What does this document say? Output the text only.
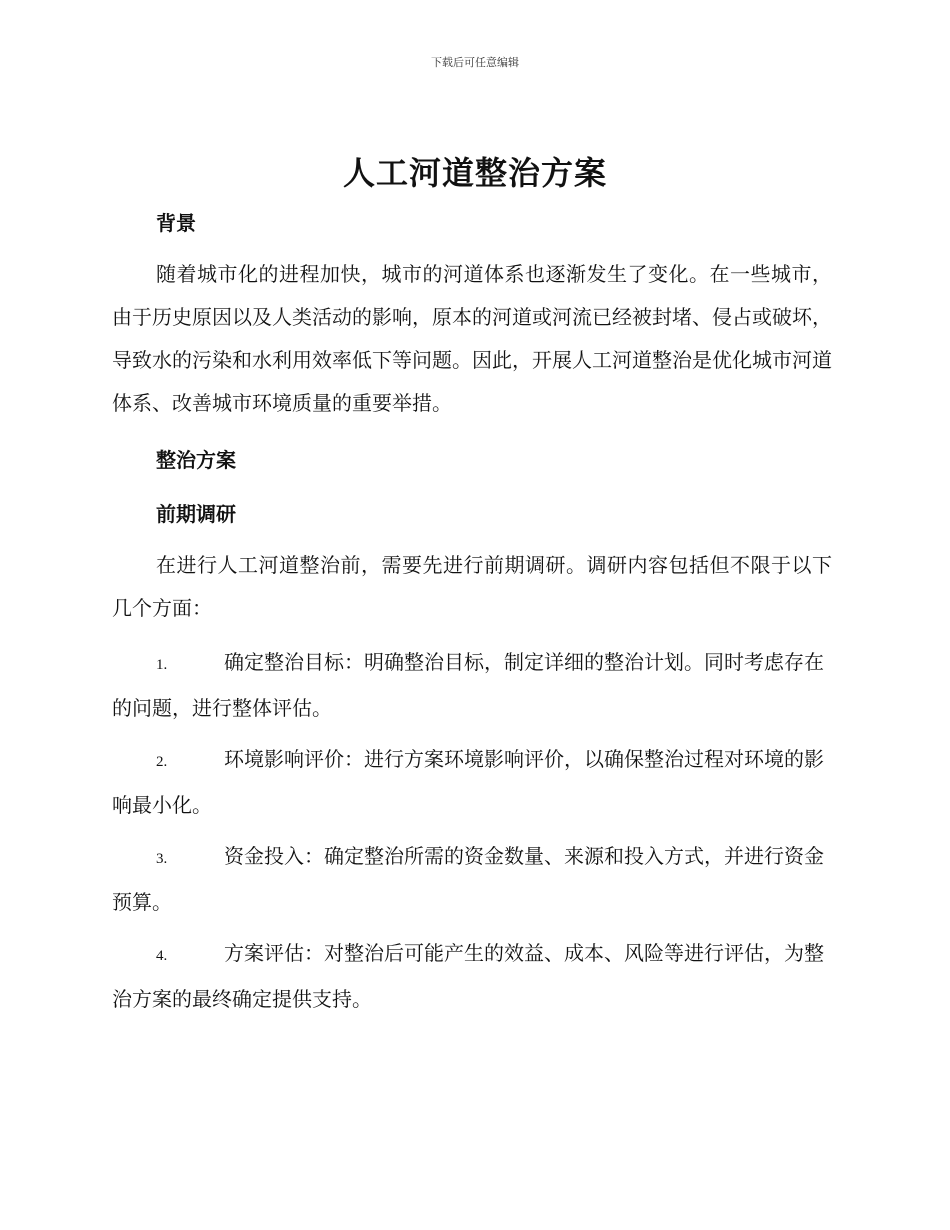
下载后可任意编辑
人工河道整治方案
背景
随着城市化的进程加快，城市的河道体系也逐渐发生了变化。在一些城市，由于历史原因以及人类活动的影响，原本的河道或河流已经被封堵、侵占或破坏，导致水的污染和水利用效率低下等问题。因此，开展人工河道整治是优化城市河道体系、改善城市环境质量的重要举措。
整治方案
前期调研
在进行人工河道整治前，需要先进行前期调研。调研内容包括但不限于以下几个方面：
1.	确定整治目标：明确整治目标，制定详细的整治计划。同时考虑存在的问题，进行整体评估。
2.	环境影响评价：进行方案环境影响评价，以确保整治过程对环境的影响最小化。
3.	资金投入：确定整治所需的资金数量、来源和投入方式，并进行资金预算。
4.	方案评估：对整治后可能产生的效益、成本、风险等进行评估，为整治方案的最终确定提供支持。
